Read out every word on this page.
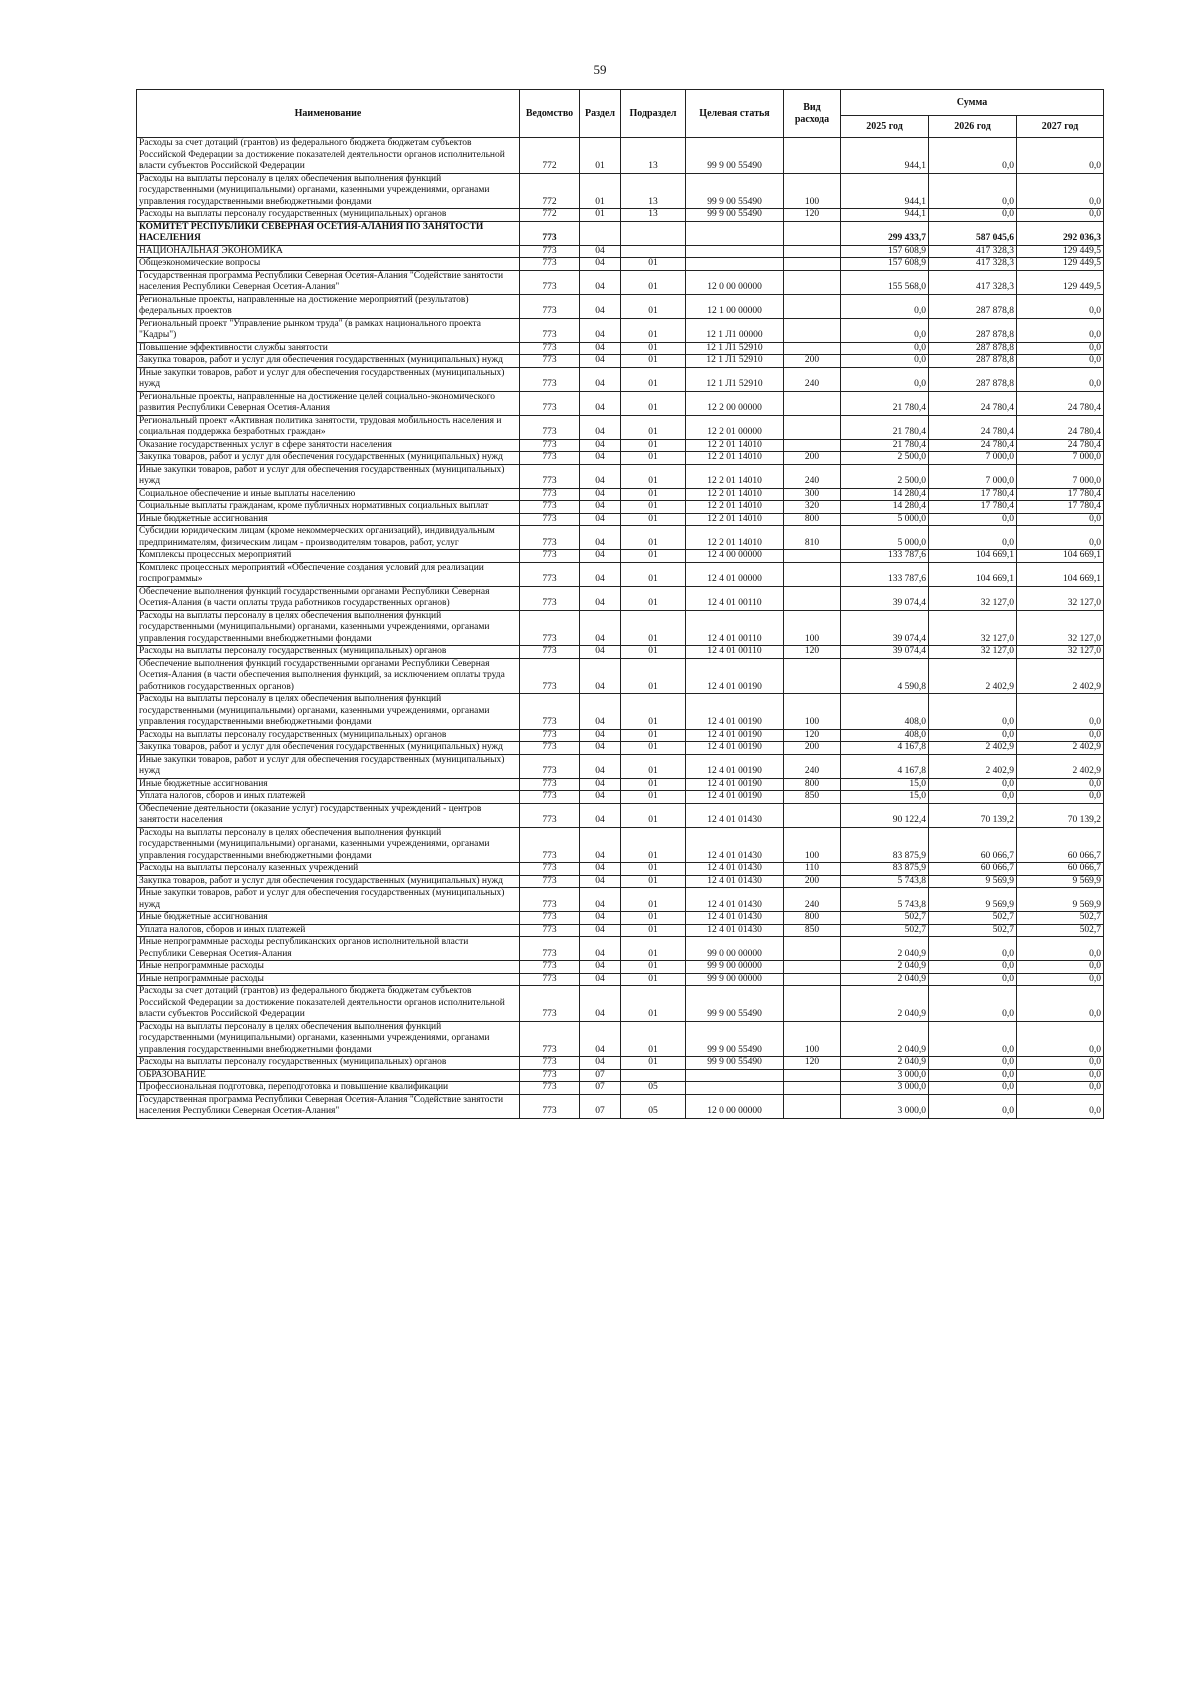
59
Наименование	Ведомство	Раздел	Подраздел	Целевая статья	Вид расхода	Сумма		
						2025 год	2026 год	2027 год
Расходы за счет дотаций (грантов) из федерального бюджета бюджетам субъектов Российской Федерации за достижение показателей деятельности органов исполнительной власти субъектов Российской Федерации	772	01	13	99 9 00 55490		944,1	0,0	0,0
Расходы на выплаты персоналу в целях обеспечения выполнения функций государственными (муниципальными) органами, казенными учреждениями, органами управления государственными внебюджетными фондами	772	01	13	99 9 00 55490	100	944,1	0,0	0,0
Расходы на выплаты персоналу государственных (муниципальных) органов	772	01	13	99 9 00 55490	120	944,1	0,0	0,0
КОМИТЕТ РЕСПУБЛИКИ СЕВЕРНАЯ ОСЕТИЯ-АЛАНИЯ ПО ЗАНЯТОСТИ НАСЕЛЕНИЯ	773					299 433,7	587 045,6	292 036,3
НАЦИОНАЛЬНАЯ ЭКОНОМИКА	773	04				157 608,9	417 328,3	129 449,5
Общеэкономические вопросы	773	04	01			157 608,9	417 328,3	129 449,5
Государственная программа Республики Северная Осетия-Алания "Содействие занятости населения Республики Северная Осетия-Алания"	773	04	01	12 0 00 00000		155 568,0	417 328,3	129 449,5
Региональные проекты, направленные на достижение мероприятий (результатов) федеральных проектов	773	04	01	12 1 00 00000		0,0	287 878,8	0,0
Региональный проект "Управление рынком труда" (в рамках национального проекта "Кадры")	773	04	01	12 1 Л1 00000		0,0	287 878,8	0,0
Повышение эффективности службы занятости	773	04	01	12 1 Л1 52910		0,0	287 878,8	0,0
Закупка товаров, работ и услуг для обеспечения государственных (муниципальных) нужд	773	04	01	12 1 Л1 52910	200	0,0	287 878,8	0,0
Иные закупки товаров, работ и услуг для обеспечения государственных (муниципальных) нужд	773	04	01	12 1 Л1 52910	240	0,0	287 878,8	0,0
Региональные проекты, направленные на достижение целей социально-экономического развития Республики Северная Осетия-Алания	773	04	01	12 2 00 00000		21 780,4	24 780,4	24 780,4
Региональный проект «Активная политика занятости, трудовая мобильность населения и социальная поддержка безработных граждан»	773	04	01	12 2 01 00000		21 780,4	24 780,4	24 780,4
Оказание государственных услуг в сфере занятости населения	773	04	01	12 2 01 14010		21 780,4	24 780,4	24 780,4
Закупка товаров, работ и услуг для обеспечения государственных (муниципальных) нужд	773	04	01	12 2 01 14010	200	2 500,0	7 000,0	7 000,0
Иные закупки товаров, работ и услуг для обеспечения государственных (муниципальных) нужд	773	04	01	12 2 01 14010	240	2 500,0	7 000,0	7 000,0
Социальное обеспечение и иные выплаты населению	773	04	01	12 2 01 14010	300	14 280,4	17 780,4	17 780,4
Социальные выплаты гражданам, кроме публичных нормативных социальных выплат	773	04	01	12 2 01 14010	320	14 280,4	17 780,4	17 780,4
Иные бюджетные ассигнования	773	04	01	12 2 01 14010	800	5 000,0	0,0	0,0
Субсидии юридическим лицам (кроме некоммерческих организаций), индивидуальным предпринимателям, физическим лицам - производителям товаров, работ, услуг	773	04	01	12 2 01 14010	810	5 000,0	0,0	0,0
Комплексы процессных мероприятий	773	04	01	12 4 00 00000		133 787,6	104 669,1	104 669,1
Комплекс процессных мероприятий «Обеспечение создания условий для реализации госпрограммы»	773	04	01	12 4 01 00000		133 787,6	104 669,1	104 669,1
Обеспечение выполнения функций государственными органами Республики Северная Осетия-Алания (в части оплаты труда работников государственных органов)	773	04	01	12 4 01 00110		39 074,4	32 127,0	32 127,0
Расходы на выплаты персоналу в целях обеспечения выполнения функций государственными (муниципальными) органами, казенными учреждениями, органами управления государственными внебюджетными фондами	773	04	01	12 4 01 00110	100	39 074,4	32 127,0	32 127,0
Расходы на выплаты персоналу государственных (муниципальных) органов	773	04	01	12 4 01 00110	120	39 074,4	32 127,0	32 127,0
Обеспечение выполнения функций государственными органами Республики Северная Осетия-Алания (в части обеспечения выполнения функций, за исключением оплаты труда работников государственных органов)	773	04	01	12 4 01 00190		4 590,8	2 402,9	2 402,9
Расходы на выплаты персоналу в целях обеспечения выполнения функций государственными (муниципальными) органами, казенными учреждениями, органами управления государственными внебюджетными фондами	773	04	01	12 4 01 00190	100	408,0	0,0	0,0
Расходы на выплаты персоналу государственных (муниципальных) органов	773	04	01	12 4 01 00190	120	408,0	0,0	0,0
Закупка товаров, работ и услуг для обеспечения государственных (муниципальных) нужд	773	04	01	12 4 01 00190	200	4 167,8	2 402,9	2 402,9
Иные закупки товаров, работ и услуг для обеспечения государственных (муниципальных) нужд	773	04	01	12 4 01 00190	240	4 167,8	2 402,9	2 402,9
Иные бюджетные ассигнования	773	04	01	12 4 01 00190	800	15,0	0,0	0,0
Уплата налогов, сборов и иных платежей	773	04	01	12 4 01 00190	850	15,0	0,0	0,0
Обеспечение деятельности (оказание услуг) государственных учреждений - центров занятости населения	773	04	01	12 4 01 01430		90 122,4	70 139,2	70 139,2
Расходы на выплаты персоналу в целях обеспечения выполнения функций государственными (муниципальными) органами, казенными учреждениями, органами управления государственными внебюджетными фондами	773	04	01	12 4 01 01430	100	83 875,9	60 066,7	60 066,7
Расходы на выплаты персоналу казенных учреждений	773	04	01	12 4 01 01430	110	83 875,9	60 066,7	60 066,7
Закупка товаров, работ и услуг для обеспечения государственных (муниципальных) нужд	773	04	01	12 4 01 01430	200	5 743,8	9 569,9	9 569,9
Иные закупки товаров, работ и услуг для обеспечения государственных (муниципальных) нужд	773	04	01	12 4 01 01430	240	5 743,8	9 569,9	9 569,9
Иные бюджетные ассигнования	773	04	01	12 4 01 01430	800	502,7	502,7	502,7
Уплата налогов, сборов и иных платежей	773	04	01	12 4 01 01430	850	502,7	502,7	502,7
Иные непрограммные расходы республиканских органов исполнительной власти Республики Северная Осетия-Алания	773	04	01	99 0 00 00000		2 040,9	0,0	0,0
Иные непрограммные расходы	773	04	01	99 9 00 00000		2 040,9	0,0	0,0
Иные непрограммные расходы	773	04	01	99 9 00 00000		2 040,9	0,0	0,0
Расходы за счет дотаций (грантов) из федерального бюджета бюджетам субъектов Российской Федерации за достижение показателей деятельности органов исполнительной власти субъектов Российской Федерации	773	04	01	99 9 00 55490		2 040,9	0,0	0,0
Расходы на выплаты персоналу в целях обеспечения выполнения функций государственными (муниципальными) органами, казенными учреждениями, органами управления государственными внебюджетными фондами	773	04	01	99 9 00 55490	100	2 040,9	0,0	0,0
Расходы на выплаты персоналу государственных (муниципальных) органов	773	04	01	99 9 00 55490	120	2 040,9	0,0	0,0
ОБРАЗОВАНИЕ	773	07				3 000,0	0,0	0,0
Профессиональная подготовка, переподготовка и повышение квалификации	773	07	05			3 000,0	0,0	0,0
Государственная программа Республики Северная Осетия-Алания "Содействие занятости населения Республики Северная Осетия-Алания"	773	07	05	12 0 00 00000		3 000,0	0,0	0,0
